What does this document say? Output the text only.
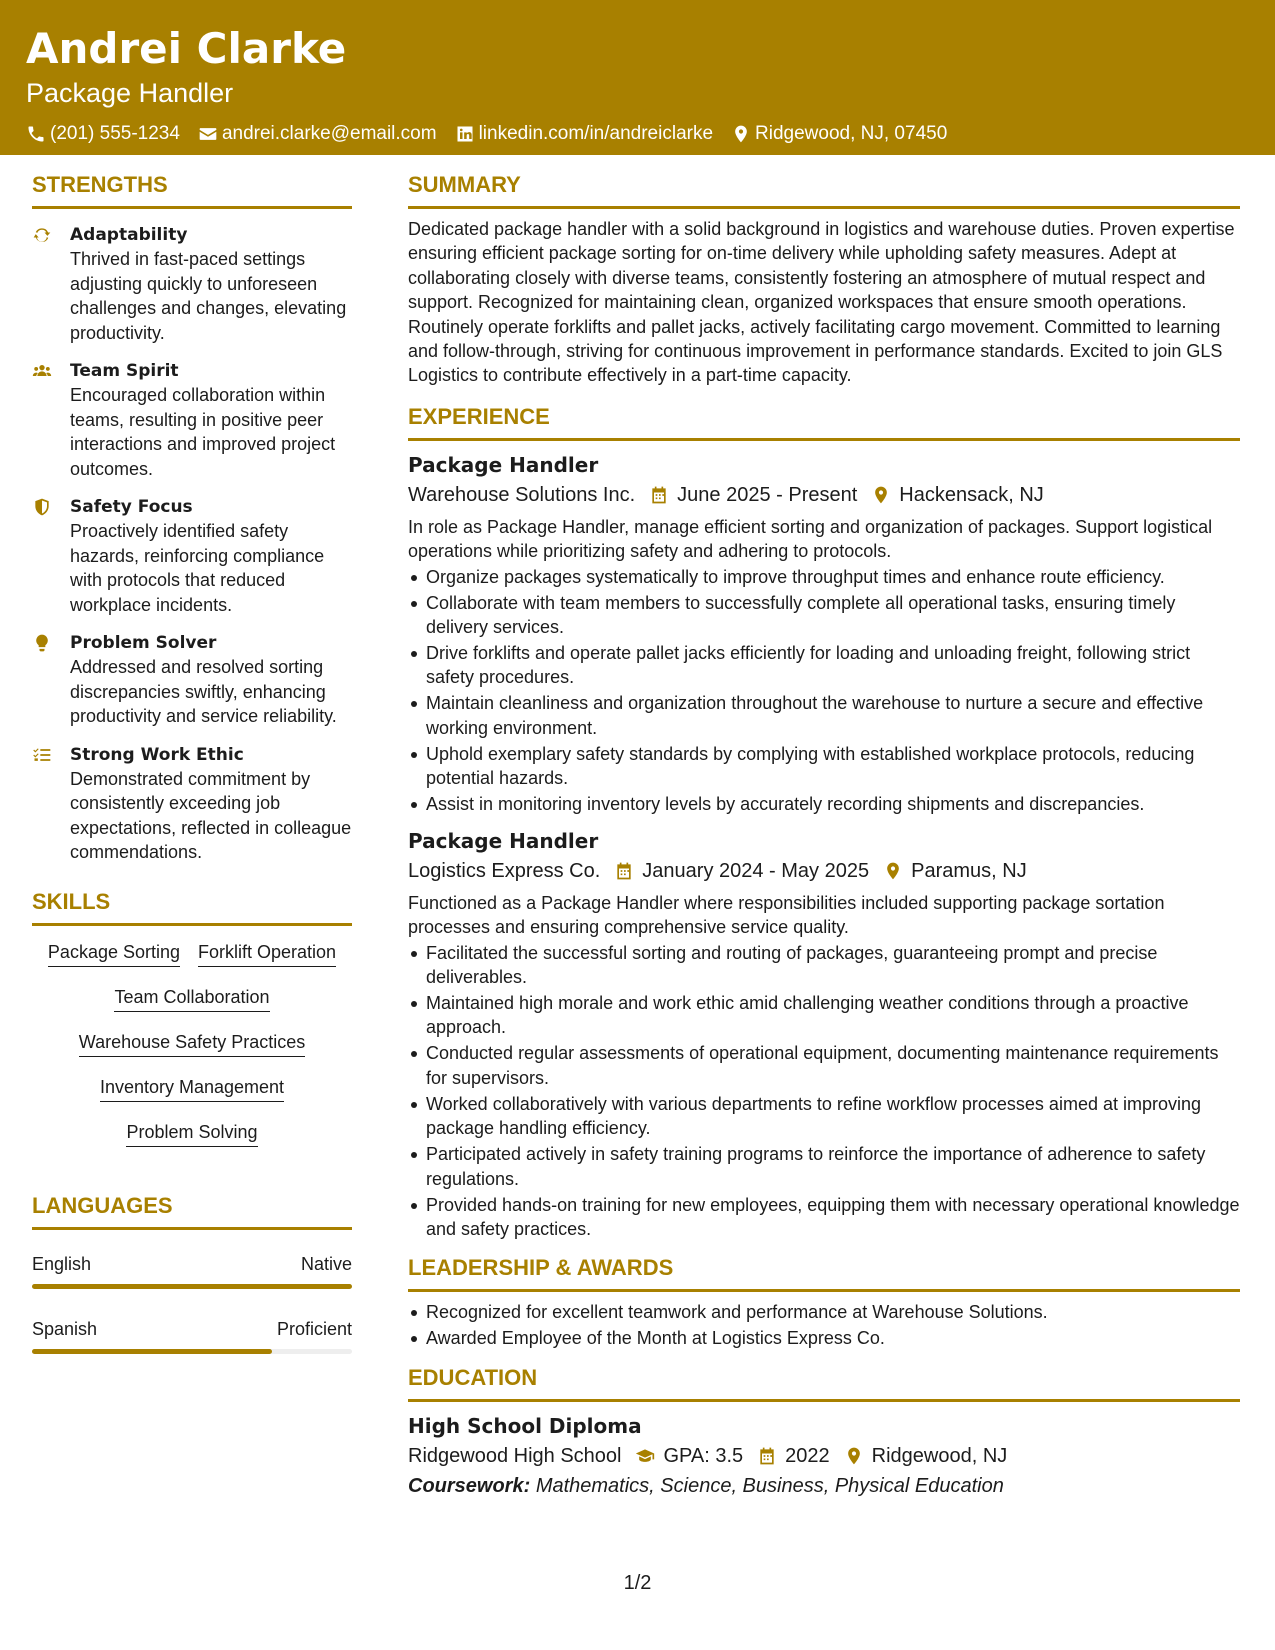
Andrei Clarke
Package Handler
(201) 555-1234 andrei.clarke@email.com linkedin.com/in/andreiclarke Ridgewood, NJ, 07450
STRENGTHS
Adaptability
Thrived in fast-paced settings adjusting quickly to unforeseen challenges and changes, elevating productivity.
Team Spirit
Encouraged collaboration within teams, resulting in positive peer interactions and improved project outcomes.
Safety Focus
Proactively identified safety hazards, reinforcing compliance with protocols that reduced workplace incidents.
Problem Solver
Addressed and resolved sorting discrepancies swiftly, enhancing productivity and service reliability.
Strong Work Ethic
Demonstrated commitment by consistently exceeding job expectations, reflected in colleague commendations.
SKILLS
Package Sorting Forklift Operation
Team Collaboration
Warehouse Safety Practices
Inventory Management
Problem Solving
LANGUAGES
English	Native
Spanish	Proficient
SUMMARY
Dedicated package handler with a solid background in logistics and warehouse duties. Proven expertise ensuring efficient package sorting for on-time delivery while upholding safety measures. Adept at collaborating closely with diverse teams, consistently fostering an atmosphere of mutual respect and support. Recognized for maintaining clean, organized workspaces that ensure smooth operations. Routinely operate forklifts and pallet jacks, actively facilitating cargo movement. Committed to learning and follow-through, striving for continuous improvement in performance standards. Excited to join GLS Logistics to contribute effectively in a part-time capacity.
EXPERIENCE
Package Handler
Warehouse Solutions Inc. June 2025 - Present Hackensack, NJ
In role as Package Handler, manage efficient sorting and organization of packages. Support logistical operations while prioritizing safety and adhering to protocols.
Organize packages systematically to improve throughput times and enhance route efficiency.
Collaborate with team members to successfully complete all operational tasks, ensuring timely delivery services.
Drive forklifts and operate pallet jacks efficiently for loading and unloading freight, following strict safety procedures.
Maintain cleanliness and organization throughout the warehouse to nurture a secure and effective working environment.
Uphold exemplary safety standards by complying with established workplace protocols, reducing potential hazards.
Assist in monitoring inventory levels by accurately recording shipments and discrepancies.
Package Handler
Logistics Express Co. January 2024 - May 2025 Paramus, NJ
Functioned as a Package Handler where responsibilities included supporting package sortation processes and ensuring comprehensive service quality.
Facilitated the successful sorting and routing of packages, guaranteeing prompt and precise deliverables.
Maintained high morale and work ethic amid challenging weather conditions through a proactive approach.
Conducted regular assessments of operational equipment, documenting maintenance requirements for supervisors.
Worked collaboratively with various departments to refine workflow processes aimed at improving package handling efficiency.
Participated actively in safety training programs to reinforce the importance of adherence to safety regulations.
Provided hands-on training for new employees, equipping them with necessary operational knowledge and safety practices.
LEADERSHIP & AWARDS
Recognized for excellent teamwork and performance at Warehouse Solutions.
Awarded Employee of the Month at Logistics Express Co.
EDUCATION
High School Diploma
Ridgewood High School GPA: 3.5 2022 Ridgewood, NJ
Coursework: Mathematics, Science, Business, Physical Education
1/2
